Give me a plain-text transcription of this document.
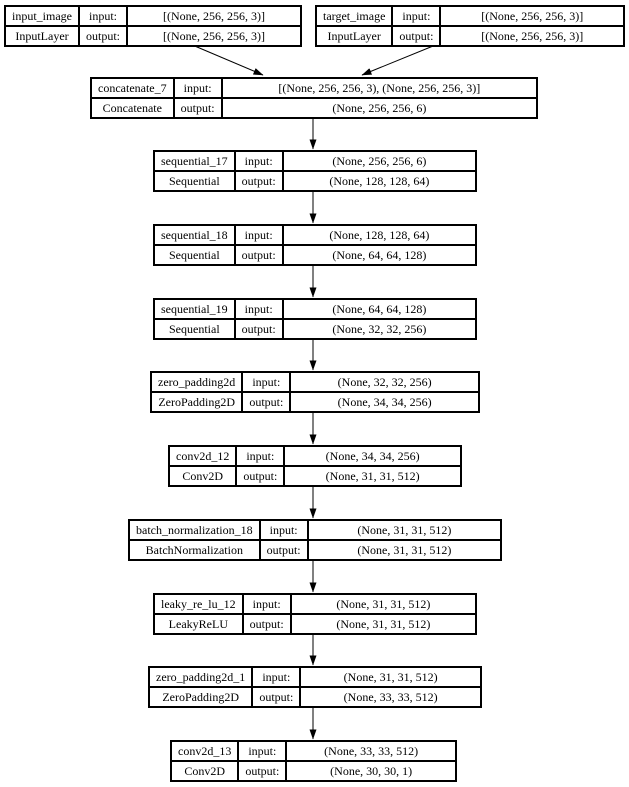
input_image	input:	[(None, 256, 256, 3)]
InputLayer	output:	[(None, 256, 256, 3)]
target_image	input:	[(None, 256, 256, 3)]
InputLayer	output:	[(None, 256, 256, 3)]
concatenate_7	input:	[(None, 256, 256, 3), (None, 256, 256, 3)]
Concatenate	output:	(None, 256, 256, 6)
sequential_17	input:	(None, 256, 256, 6)
Sequential	output:	(None, 128, 128, 64)
sequential_18	input:	(None, 128, 128, 64)
Sequential	output:	(None, 64, 64, 128)
sequential_19	input:	(None, 64, 64, 128)
Sequential	output:	(None, 32, 32, 256)
zero_padding2d	input:	(None, 32, 32, 256)
ZeroPadding2D	output:	(None, 34, 34, 256)
conv2d_12	input:	(None, 34, 34, 256)
Conv2D	output:	(None, 31, 31, 512)
batch_normalization_18	input:	(None, 31, 31, 512)
BatchNormalization	output:	(None, 31, 31, 512)
leaky_re_lu_12	input:	(None, 31, 31, 512)
LeakyReLU	output:	(None, 31, 31, 512)
zero_padding2d_1	input:	(None, 31, 31, 512)
ZeroPadding2D	output:	(None, 33, 33, 512)
conv2d_13	input:	(None, 33, 33, 512)
Conv2D	output:	(None, 30, 30, 1)
